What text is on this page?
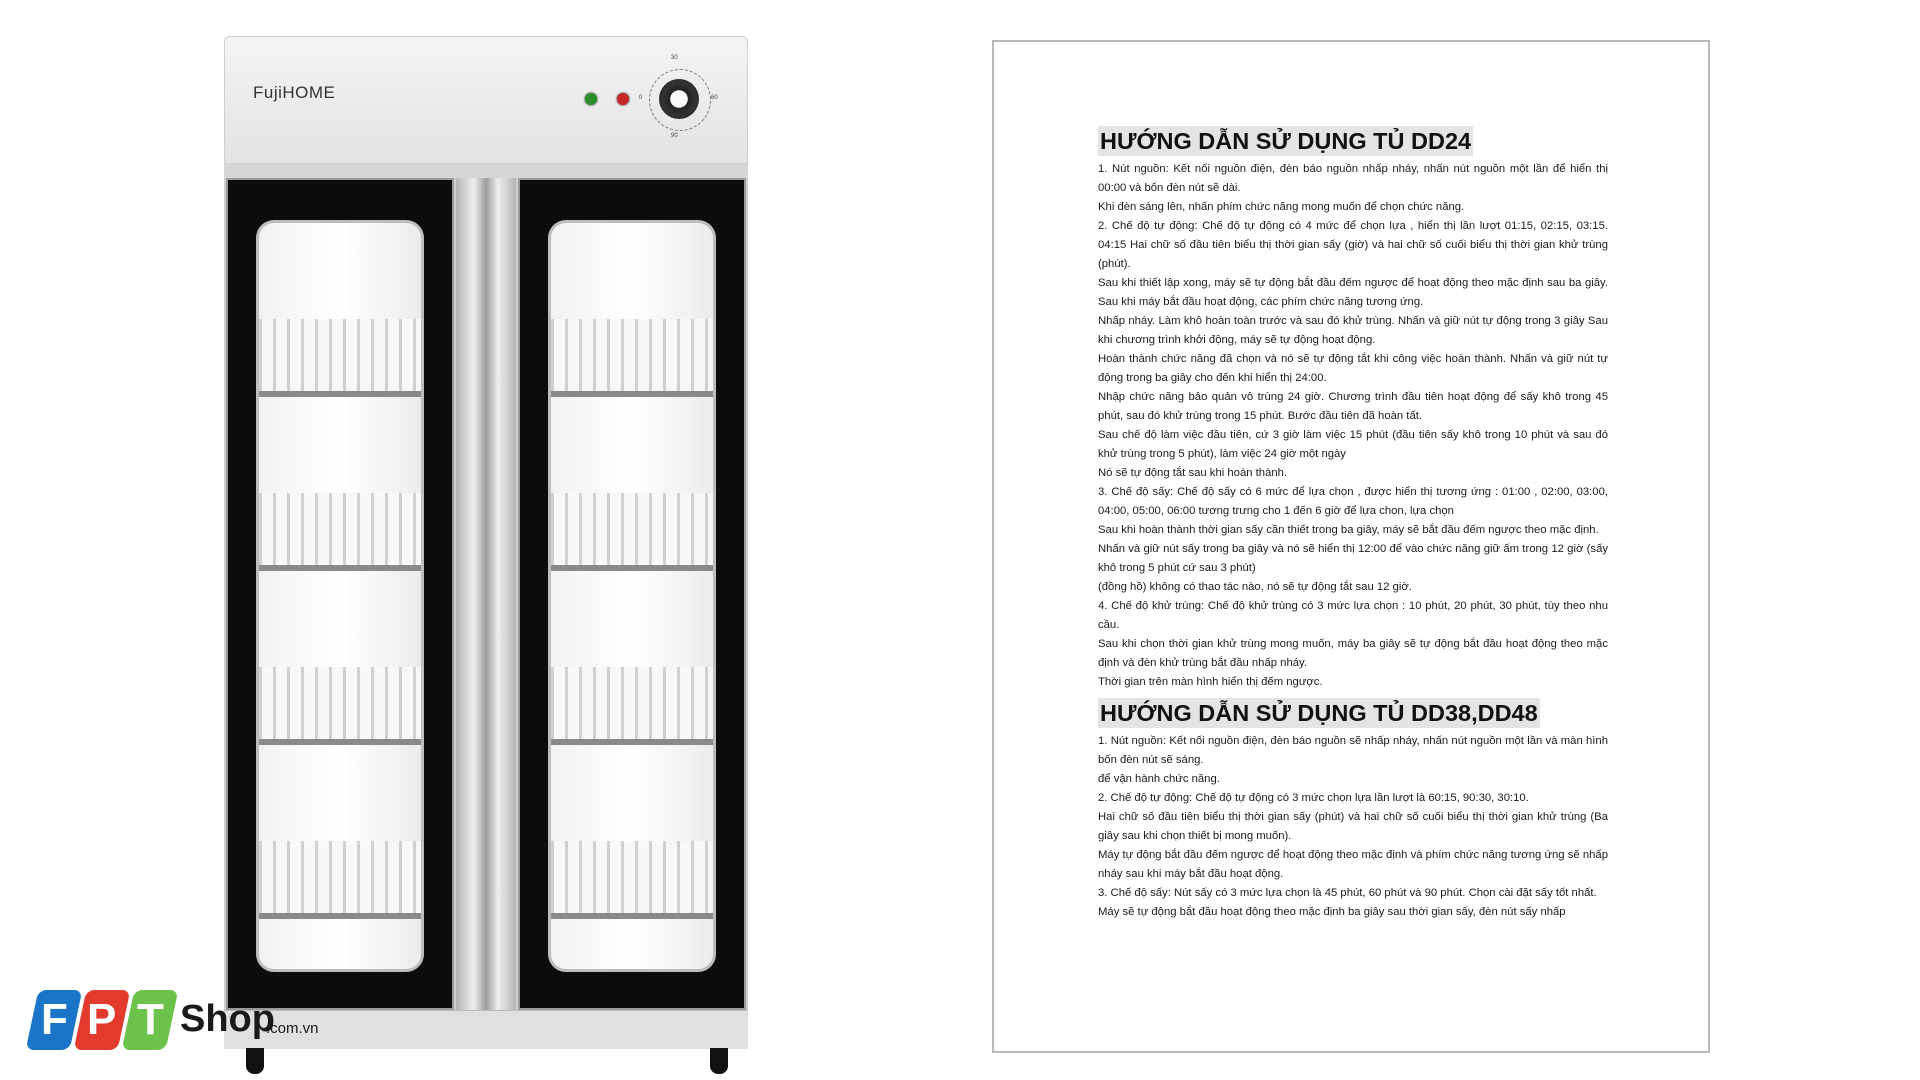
FujiHOME
30
60
0
90
F P T Shop
.com.vn
HƯỚNG DẪN SỬ DỤNG TỦ DD24

1. Nút nguồn: Kết nối nguồn điện, đèn báo nguồn nhấp nháy, nhấn nút nguồn một lần để hiển thị 00:00 và bốn đèn nút sẽ dài.

Khi đèn sáng lên, nhấn phím chức năng mong muốn để chọn chức năng.

2. Chế độ tự động: Chế độ tự động có 4 mức để chọn lựa , hiển thị lần lượt 01:15, 02:15, 03:15. 04:15 Hai chữ số đầu tiên biểu thị thời gian sấy (giờ) và hai chữ số cuối biểu thị thời gian khử trùng (phút).

Sau khi thiết lập xong, máy sẽ tự động bắt đầu đếm ngược để hoạt động theo mặc định sau ba giây. Sau khi máy bắt đầu hoạt động, các phím chức năng tương ứng.

Nhấp nháy. Làm khô hoàn toàn trước và sau đó khử trùng. Nhấn và giữ nút tự động trong 3 giây Sau khi chương trình khởi động, máy sẽ tự động hoạt động.

Hoàn thành chức năng đã chọn và nó sẽ tự động tắt khi công việc hoàn thành. Nhấn và giữ nút tự động trong ba giây cho đến khi hiển thị 24:00.

Nhập chức năng bảo quản vô trùng 24 giờ. Chương trình đầu tiên hoạt động để sấy khô trong 45 phút, sau đó khử trùng trong 15 phút. Bước đầu tiên đã hoàn tất.

Sau chế độ làm việc đầu tiên, cứ 3 giờ làm việc 15 phút (đầu tiên sấy khô trong 10 phút và sau đó khử trùng trong 5 phút), làm việc 24 giờ một ngày

Nó sẽ tự động tắt sau khi hoàn thành.

3. Chế độ sấy: Chế độ sấy có 6 mức để lựa chọn , được hiển thị tương ứng : 01:00 , 02:00, 03:00, 04:00, 05:00, 06:00 tương trưng cho 1 đến 6 giờ để lựa chọn, lựa chọn

Sau khi hoàn thành thời gian sấy cần thiết trong ba giây, máy sẽ bắt đầu đếm ngược theo mặc định.

Nhấn và giữ nút sấy trong ba giây và nó sẽ hiển thị 12:00 để vào chức năng giữ ấm trong 12 giờ (sấy khô trong 5 phút cứ sau 3 phút)

(đồng hồ) không có thao tác nào, nó sẽ tự động tắt sau 12 giờ.

4. Chế độ khử trùng: Chế độ khử trùng có 3 mức lựa chọn : 10 phút, 20 phút, 30 phút, tùy theo nhu cầu.

Sau khi chọn thời gian khử trùng mong muốn, máy ba giây sẽ tự động bắt đầu hoạt động theo mặc định và đèn khử trùng bắt đầu nhấp nháy.

Thời gian trên màn hình hiển thị đếm ngược.

HƯỚNG DẪN SỬ DỤNG TỦ DD38,DD48

1. Nút nguồn: Kết nối nguồn điện, đèn báo nguồn sẽ nhấp nháy, nhấn nút nguồn một lần và màn hình bốn đèn nút sẽ sáng.

để vận hành chức năng.

2. Chế độ tự động: Chế độ tự động có 3 mức chọn lựa lần lượt là 60:15, 90:30, 30:10.

Hai chữ số đầu tiên biểu thị thời gian sấy (phút) và hai chữ số cuối biểu thị thời gian khử trùng (Ba giây sau khi chọn thiết bị mong muốn).

Máy tự động bắt đầu đếm ngược để hoạt động theo mặc định và phím chức năng tương ứng sẽ nhấp nháy sau khi máy bắt đầu hoạt động.

3. Chế độ sấy: Nút sấy có 3 mức lựa chọn là 45 phút, 60 phút và 90 phút. Chọn cài đặt sấy tốt nhất.

Máy sẽ tự động bắt đầu hoạt động theo mặc định ba giây sau thời gian sấy, đèn nút sấy nhấp
